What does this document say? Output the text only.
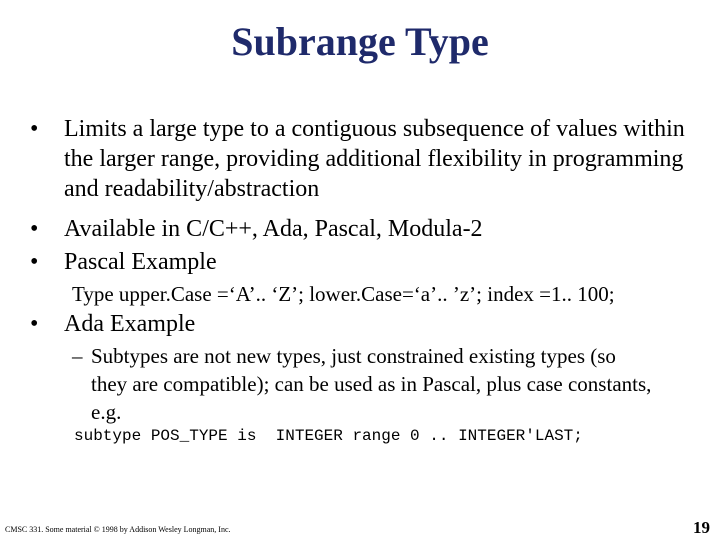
Subrange Type
•	Limits a large type to a contiguous subsequence of values within the larger range, providing additional flexibility in programming and readability/abstraction
•	Available in C/C++, Ada, Pascal, Modula-2
•	Pascal Example
Type upper.Case =‘A’.. ‘Z’; lower.Case=‘a’.. ’z’; index =1.. 100;
•	Ada Example
– Subtypes are not new types, just constrained existing types (so they are compatible); can be used as in Pascal, plus case constants, e.g.
subtype POS_TYPE is  INTEGER range 0 .. INTEGER'LAST;
CMSC 331. Some material © 1998 by Addison Wesley Longman, Inc.	19
